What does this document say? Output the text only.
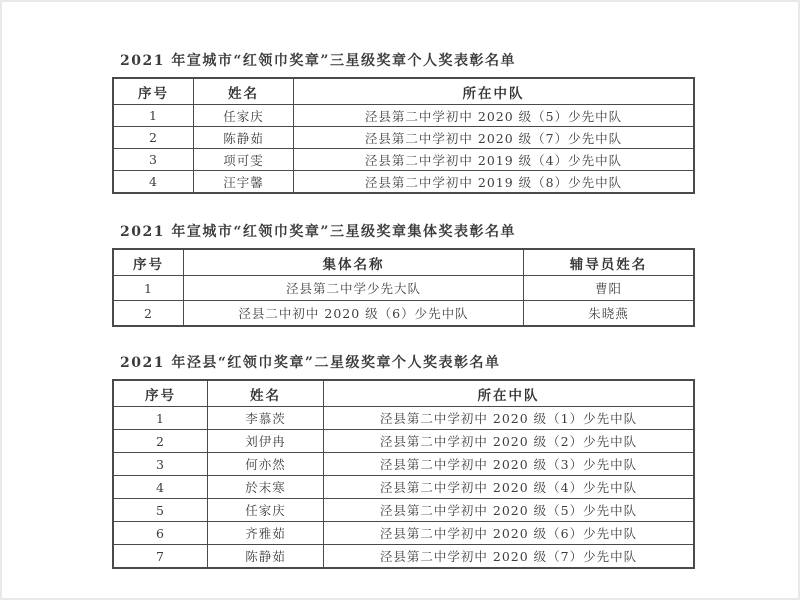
2021 年宣城市“红领巾奖章”三星级奖章个人奖表彰名单
序号	姓名	所在中队
1	任家庆	泾县第二中学初中 2020 级（5）少先中队
2	陈静茹	泾县第二中学初中 2020 级（7）少先中队
3	项可雯	泾县第二中学初中 2019 级（4）少先中队
4	汪宇馨	泾县第二中学初中 2019 级（8）少先中队
2021 年宣城市“红领巾奖章”三星级奖章集体奖表彰名单
序号	集体名称	辅导员姓名
1	泾县第二中学少先大队	曹阳
2	泾县二中初中 2020 级（6）少先中队	朱晓燕
2021 年泾县“红领巾奖章”二星级奖章个人奖表彰名单
序号	姓名	所在中队
1	李慕茨	泾县第二中学初中 2020 级（1）少先中队
2	刘伊冉	泾县第二中学初中 2020 级（2）少先中队
3	何亦然	泾县第二中学初中 2020 级（3）少先中队
4	於末寒	泾县第二中学初中 2020 级（4）少先中队
5	任家庆	泾县第二中学初中 2020 级（5）少先中队
6	齐雅茹	泾县第二中学初中 2020 级（6）少先中队
7	陈静茹	泾县第二中学初中 2020 级（7）少先中队
